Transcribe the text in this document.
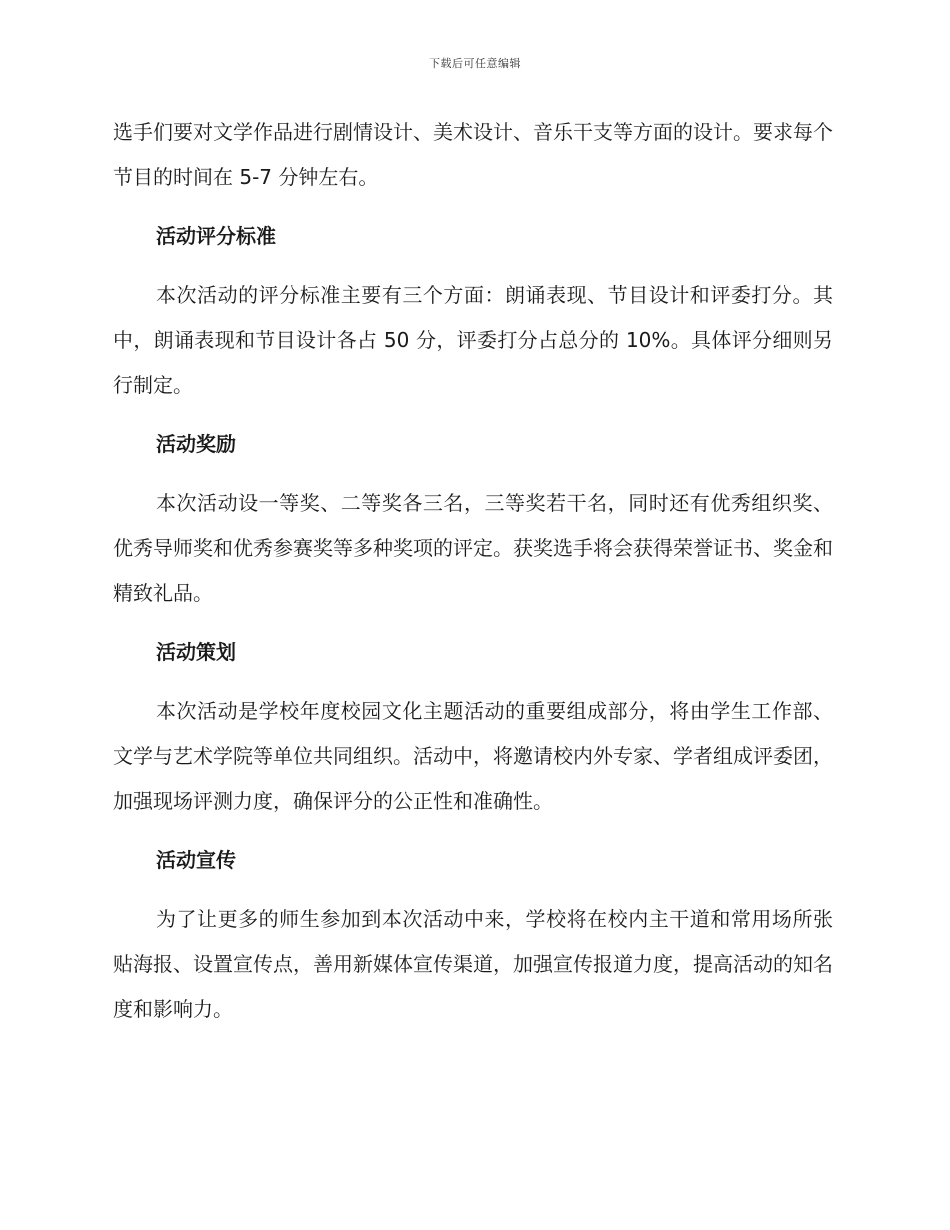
下载后可任意编辑

选手们要对文学作品进行剧情设计、美术设计、音乐干支等方面的设计。要求每个节目的时间在 5-7 分钟左右。

活动评分标准

本次活动的评分标准主要有三个方面：朗诵表现、节目设计和评委打分。其中，朗诵表现和节目设计各占 50 分，评委打分占总分的 10%。具体评分细则另行制定。

活动奖励

本次活动设一等奖、二等奖各三名，三等奖若干名，同时还有优秀组织奖、优秀导师奖和优秀参赛奖等多种奖项的评定。获奖选手将会获得荣誉证书、奖金和精致礼品。

活动策划

本次活动是学校年度校园文化主题活动的重要组成部分，将由学生工作部、文学与艺术学院等单位共同组织。活动中，将邀请校内外专家、学者组成评委团，加强现场评测力度，确保评分的公正性和准确性。

活动宣传

为了让更多的师生参加到本次活动中来，学校将在校内主干道和常用场所张贴海报、设置宣传点，善用新媒体宣传渠道，加强宣传报道力度，提高活动的知名度和影响力。
